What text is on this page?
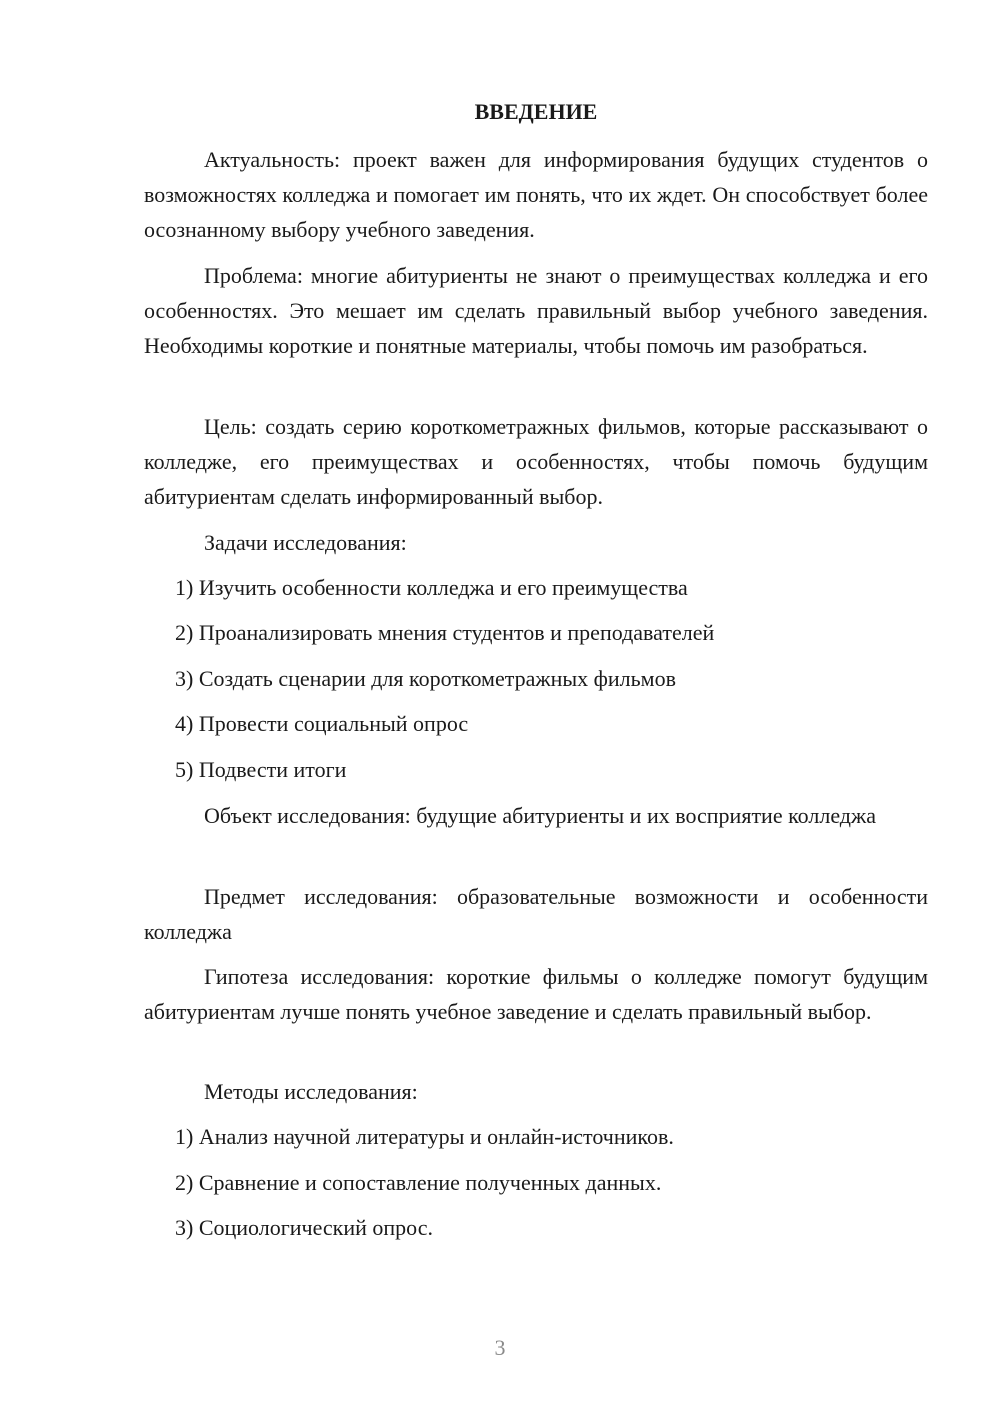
ВВЕДЕНИЕ

Актуальность: проект важен для информирования будущих студентов о возможностях колледжа и помогает им понять, что их ждет. Он способствует более осознанному выбору учебного заведения.

Проблема: многие абитуриенты не знают о преимуществах колледжа и его особенностях. Это мешает им сделать правильный выбор учебного заведения. Необходимы короткие и понятные материалы, чтобы помочь им разобраться.

Цель: создать серию короткометражных фильмов, которые рассказывают о колледже, его преимуществах и особенностях, чтобы помочь будущим абитуриентам сделать информированный выбор.

Задачи исследования:

1) Изучить особенности колледжа и его преимущества

2) Проанализировать мнения студентов и преподавателей

3) Создать сценарии для короткометражных фильмов

4) Провести социальный опрос

5) Подвести итоги

Объект исследования: будущие абитуриенты и их восприятие колледжа

Предмет исследования: образовательные возможности и особенности колледжа

Гипотеза исследования: короткие фильмы о колледже помогут будущим абитуриентам лучше понять учебное заведение и сделать правильный выбор.

Методы исследования:

1) Анализ научной литературы и онлайн-источников.

2) Сравнение и сопоставление полученных данных.

3) Социологический опрос.

3
